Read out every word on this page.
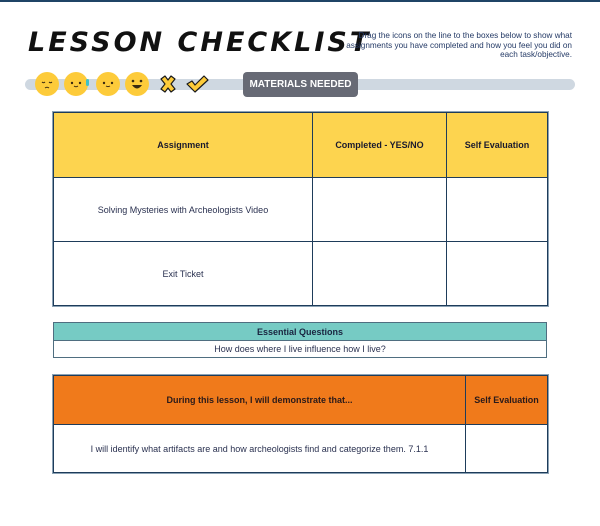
LESSON CHECKLIST
Drag the icons on the line to the boxes below to show what assignments you have completed and how you feel you did on each task/objective.
MATERIALS NEEDED
Assignment	Completed - YES/NO	Self Evaluation
Solving Mysteries with Archeologists Video		
Exit Ticket		
Essential Questions
How does where I live influence how I live?
During this lesson, I will demonstrate that...	Self Evaluation
I will identify what artifacts are and how archeologists find and categorize them. 7.1.1	
